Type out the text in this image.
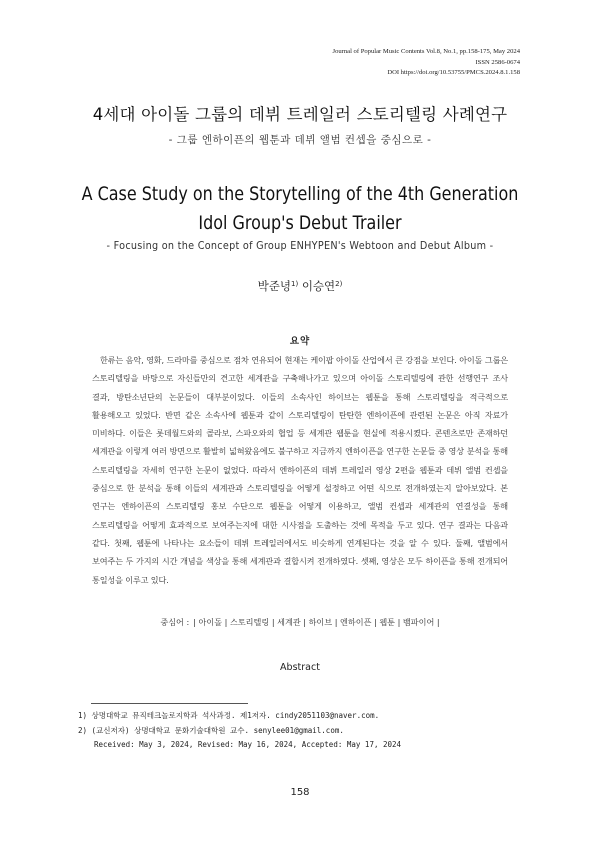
Journal of Popular Music Contents Vol.8, No.1, pp.158-175, May 2024
ISSN 2586-0674
DOI https://doi.org/10.53755/PMCS.2024.8.1.158
4세대 아이돌 그룹의 데뷔 트레일러 스토리텔링 사례연구
- 그룹 엔하이픈의 웹툰과 데뷔 앨범 컨셉을 중심으로 -
A Case Study on the Storytelling of the 4th Generation
Idol Group's Debut Trailer
- Focusing on the Concept of Group ENHYPEN's Webtoon and Debut Album -
박준녕$^{1)}$ 이승연$^{2)}$
요약
한류는 음악, 영화, 드라마를 중심으로 점차 연유되어 현재는 케이팝 아이돌 산업에서 큰 강점을 보인다. 아이돌 그룹은 스토리텔링을 바탕으로 자신들만의 견고한 세계관을 구축해나가고 있으며 아이돌 스토리텔링에 관한 선행연구 조사 결과, 방탄소년단의 논문들이 대부분이었다. 이들의 소속사인 하이브는 웹툰을 통해 스토리텔링을 적극적으로 활용해오고 있었다. 반면 같은 소속사에 웹툰과 같이 스토리텔링이 탄탄한 엔하이픈에 관련된 논문은 아직 자료가 미비하다. 이들은 롯데월드와의 콜라보, 스파오와의 협업 등 세계관 웹툰을 현실에 적용시켰다. 콘텐츠로만 존재하던 세계관을 이렇게 여러 방면으로 활발히 넓혀왔음에도 불구하고 지금까지 엔하이픈을 연구한 논문들 중 영상 분석을 통해 스토리텔링을 자세히 연구한 논문이 없었다. 따라서 엔하이픈의 데뷔 트레일러 영상 2편을 웹툰과 데뷔 앨범 컨셉을 중심으로 한 분석을 통해 이들의 세계관과 스토리텔링을 어떻게 설정하고 어떤 식으로 전개하였는지 알아보았다. 본 연구는 엔하이픈의 스토리텔링 홍보 수단으로 웹툰을 어떻게 이용하고, 앨범 컨셉과 세계관의 연결성을 통해 스토리텔링을 어떻게 효과적으로 보여주는지에 대한 시사점을 도출하는 것에 목적을 두고 있다. 연구 결과는 다음과 같다. 첫째, 웹툰에 나타나는 요소들이 데뷔 트레일러에서도 비슷하게 연계된다는 것을 알 수 있다. 둘째, 앨범에서 보여주는 두 가지의 시간 개념을 색상을 통해 세계관과 결합시켜 전개하였다. 셋째, 영상은 모두 하이픈을 통해 전개되어 통일성을 이루고 있다.
중심어 : | 아이돌 | 스토리텔링 | 세계관 | 하이브 | 엔하이픈 | 웹툰 | 뱀파이어 |
Abstract
1) 상명대학교 뮤직테크놀로지학과 석사과정. 제1저자. cindy2051103@naver.com.
2) (교신저자) 상명대학교 문화기술대학원 교수. senylee01@gmail.com.
Received: May 3, 2024, Revised: May 16, 2024, Accepted: May 17, 2024
158
